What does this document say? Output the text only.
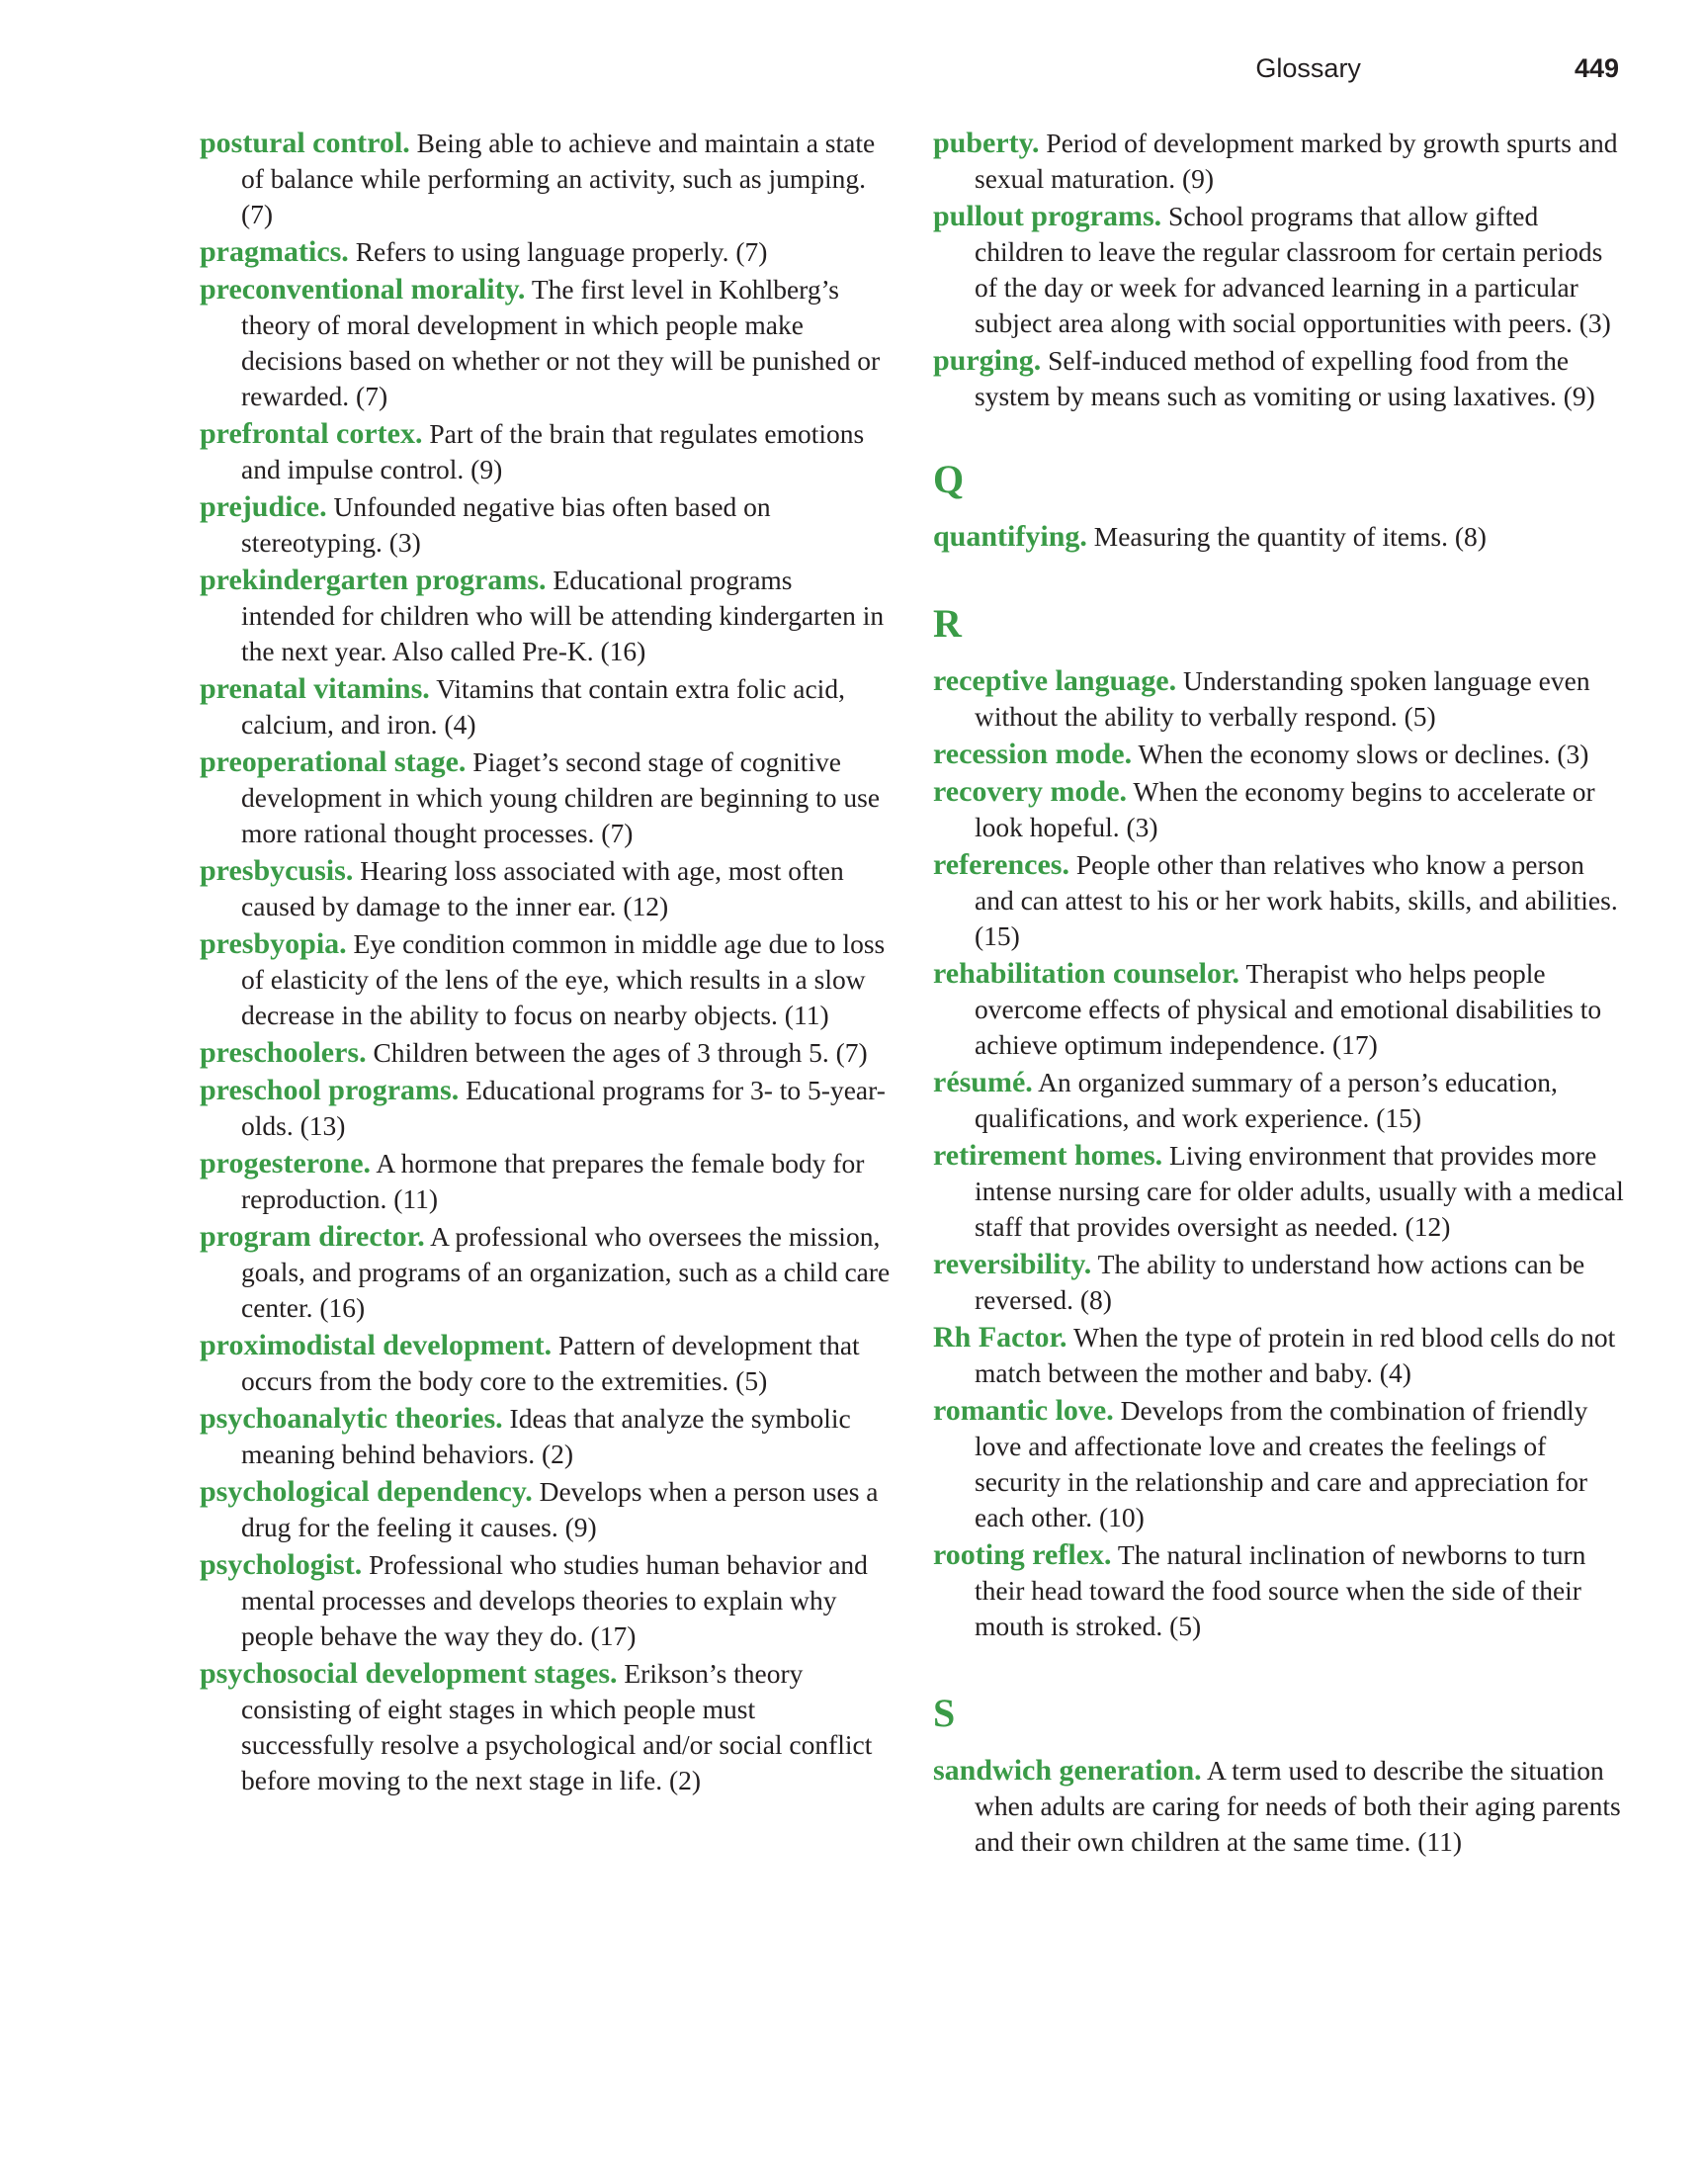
Glossary	449

postural control. Being able to achieve and maintain a state of balance while performing an activity, such as jumping. (7)

pragmatics. Refers to using language properly. (7)

preconventional morality. The first level in Kohlberg’s theory of moral development in which people make decisions based on whether or not they will be punished or rewarded. (7)

prefrontal cortex. Part of the brain that regulates emotions and impulse control. (9)

prejudice. Unfounded negative bias often based on stereotyping. (3)

prekindergarten programs. Educational programs intended for children who will be attending kindergarten in the next year. Also called Pre-K. (16)

prenatal vitamins. Vitamins that contain extra folic acid, calcium, and iron. (4)

preoperational stage. Piaget’s second stage of cognitive development in which young children are beginning to use more rational thought processes. (7)

presbycusis. Hearing loss associated with age, most often caused by damage to the inner ear. (12)

presbyopia. Eye condition common in middle age due to loss of elasticity of the lens of the eye, which results in a slow decrease in the ability to focus on nearby objects. (11)

preschoolers. Children between the ages of 3 through 5. (7)

preschool programs. Educational programs for 3- to 5-year-olds. (13)

progesterone. A hormone that prepares the female body for reproduction. (11)

program director. A professional who oversees the mission, goals, and programs of an organization, such as a child care center. (16)

proximodistal development. Pattern of development that occurs from the body core to the extremities. (5)

psychoanalytic theories. Ideas that analyze the symbolic meaning behind behaviors. (2)

psychological dependency. Develops when a person uses a drug for the feeling it causes. (9)

psychologist. Professional who studies human behavior and mental processes and develops theories to explain why people behave the way they do. (17)

psychosocial development stages. Erikson’s theory consisting of eight stages in which people must successfully resolve a psychological and/or social conflict before moving to the next stage in life. (2)

puberty. Period of development marked by growth spurts and sexual maturation. (9)

pullout programs. School programs that allow gifted children to leave the regular classroom for certain periods of the day or week for advanced learning in a particular subject area along with social opportunities with peers. (3)

purging. Self-induced method of expelling food from the system by means such as vomiting or using laxatives. (9)

Q

quantifying. Measuring the quantity of items. (8)

R

receptive language. Understanding spoken language even without the ability to verbally respond. (5)

recession mode. When the economy slows or declines. (3)

recovery mode. When the economy begins to accelerate or look hopeful. (3)

references. People other than relatives who know a person and can attest to his or her work habits, skills, and abilities. (15)

rehabilitation counselor. Therapist who helps people overcome effects of physical and emotional disabilities to achieve optimum independence. (17)

résumé. An organized summary of a person’s education, qualifications, and work experience. (15)

retirement homes. Living environment that provides more intense nursing care for older adults, usually with a medical staff that provides oversight as needed. (12)

reversibility. The ability to understand how actions can be reversed. (8)

Rh Factor. When the type of protein in red blood cells do not match between the mother and baby. (4)

romantic love. Develops from the combination of friendly love and affectionate love and creates the feelings of security in the relationship and care and appreciation for each other. (10)

rooting reflex. The natural inclination of newborns to turn their head toward the food source when the side of their mouth is stroked. (5)

S

sandwich generation. A term used to describe the situation when adults are caring for needs of both their aging parents and their own children at the same time. (11)
